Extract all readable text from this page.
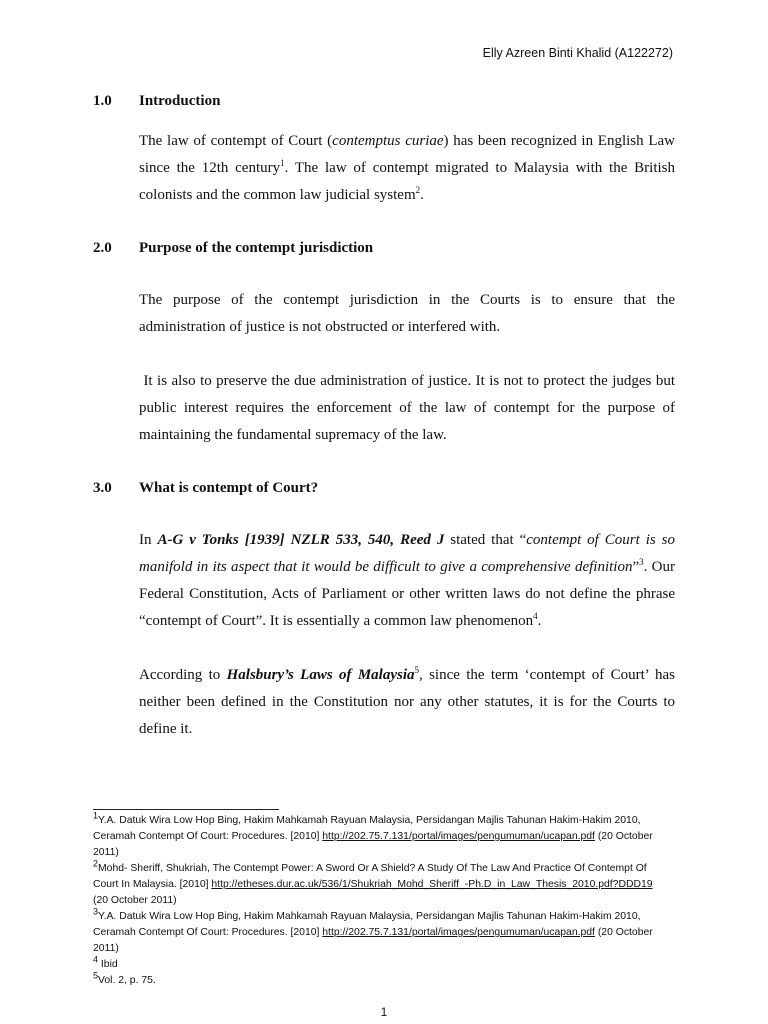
Elly Azreen Binti Khalid (A122272)
1.0 Introduction

The law of contempt of Court (contemptus curiae) has been recognized in English Law since the 12th century$^1$. The law of contempt migrated to Malaysia with the British colonists and the common law judicial system$^2$.

2.0 Purpose of the contempt jurisdiction

The purpose of the contempt jurisdiction in the Courts is to ensure that the administration of justice is not obstructed or interfered with.

It is also to preserve the due administration of justice. It is not to protect the judges but public interest requires the enforcement of the law of contempt for the purpose of maintaining the fundamental supremacy of the law.

3.0 What is contempt of Court?

In A-G v Tonks [1939] NZLR 533, 540, Reed J stated that “contempt of Court is so manifold in its aspect that it would be difficult to give a comprehensive definition”$^3$. Our Federal Constitution, Acts of Parliament or other written laws do not define the phrase “contempt of Court”. It is essentially a common law phenomenon$^4$.

According to Halsbury’s Laws of Malaysia$^5$, since the term ‘contempt of Court’ has neither been defined in the Constitution nor any other statutes, it is for the Courts to define it.

$^1$Y.A. Datuk Wira Low Hop Bing, Hakim Mahkamah Rayuan Malaysia, Persidangan Majlis Tahunan Hakim-Hakim 2010, Ceramah Contempt Of Court: Procedures. [2010] http://202.75.7.131/portal/images/pengumuman/ucapan.pdf (20 October 2011)

$^2$Mohd- Sheriff, Shukriah, The Contempt Power: A Sword Or A Shield? A Study Of The Law And Practice Of Contempt Of Court In Malaysia. [2010] http://etheses.dur.ac.uk/536/1/Shukriah_Mohd_Sheriff_-Ph.D_in_Law_Thesis_2010.pdf?DDD19 (20 October 2011)

$^3$Y.A. Datuk Wira Low Hop Bing, Hakim Mahkamah Rayuan Malaysia, Persidangan Majlis Tahunan Hakim-Hakim 2010, Ceramah Contempt Of Court: Procedures. [2010] http://202.75.7.131/portal/images/pengumuman/ucapan.pdf (20 October 2011)

$^4$ Ibid

$^5$Vol. 2, p. 75.

1
